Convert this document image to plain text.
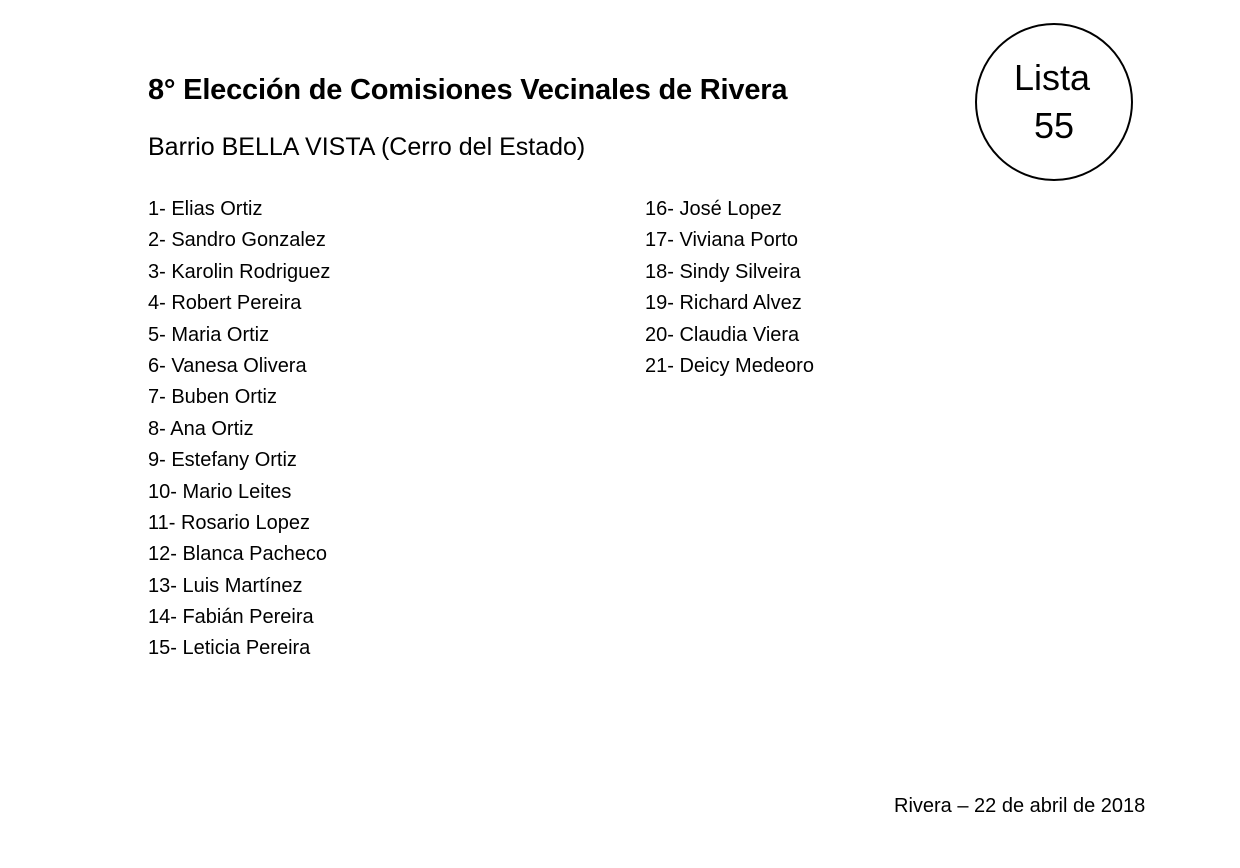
8° Elección de Comisiones Vecinales de Rivera
Barrio BELLA VISTA (Cerro del Estado)
Lista
55
1- Elias Ortiz
2- Sandro Gonzalez
3- Karolin Rodriguez
4- Robert Pereira
5- Maria Ortiz
6- Vanesa Olivera
7- Buben Ortiz
8- Ana Ortiz
9- Estefany Ortiz
10- Mario Leites
11- Rosario Lopez
12- Blanca Pacheco
13- Luis Martínez
14- Fabián Pereira
15- Leticia Pereira
16- José Lopez
17- Viviana Porto
18- Sindy Silveira
19- Richard Alvez
20- Claudia Viera
21- Deicy Medeoro
Rivera – 22 de abril de 2018
